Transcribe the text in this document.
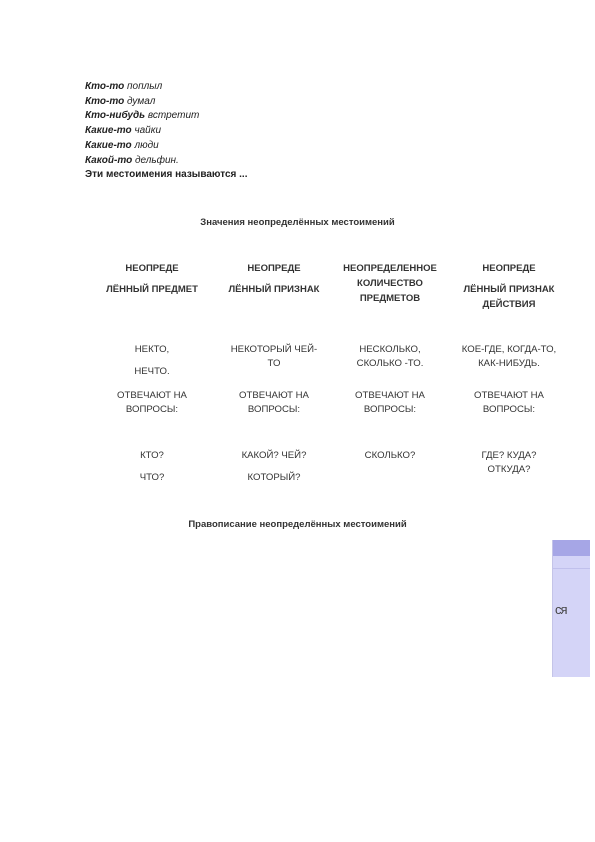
Кто-то поплыл
Кто-то думал
Кто-нибудь встретит
Какие-то чайки
Какие-то люди
Какой-то дельфин.
Эти местоимения называются ...
Значения неопределённых местоимений
НЕОПРЕДЕ
ЛЁННЫЙ ПРЕДМЕТ
НЕОПРЕДЕ
ЛЁННЫЙ ПРИЗНАК
НЕОПРЕДЕЛЕННОЕ
КОЛИЧЕСТВО
ПРЕДМЕТОВ
НЕОПРЕДЕ
ЛЁННЫЙ ПРИЗНАК
ДЕЙСТВИЯ
НЕКТО,
НЕЧТО.
НЕКОТОРЫЙ ЧЕЙ-
ТО
НЕСКОЛЬКО,
СКОЛЬКО -ТО.
КОЕ-ГДЕ, КОГДА-ТО,
КАК-НИБУДЬ.
ОТВЕЧАЮТ НА
ВОПРОСЫ:
ОТВЕЧАЮТ НА
ВОПРОСЫ:
ОТВЕЧАЮТ НА
ВОПРОСЫ:
ОТВЕЧАЮТ НА
ВОПРОСЫ:
КТО?
ЧТО?
КАКОЙ? ЧЕЙ?
КОТОРЫЙ?
СКОЛЬКО?	ГДЕ? КУДА?
ОТКУДА?
Правописание неопределённых местоимений
ся
